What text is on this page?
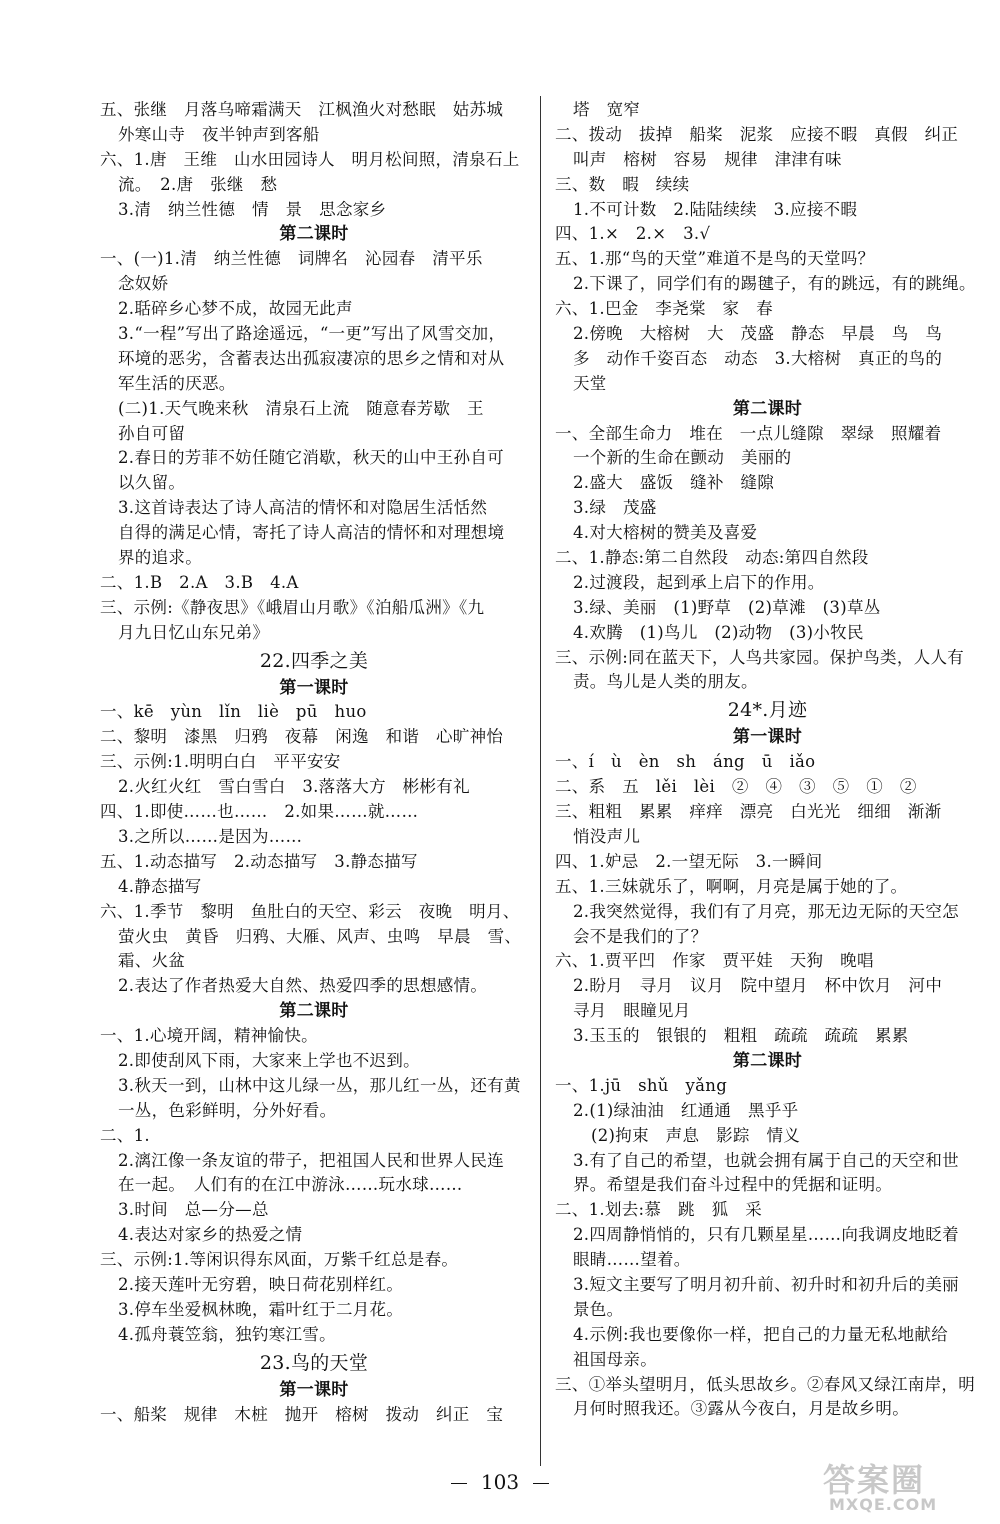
五、张继　月落乌啼霜满天　江枫渔火对愁眠　姑苏城
外寒山寺　夜半钟声到客船
六、1.唐　王维　山水田园诗人　明月松间照，清泉石上
流。　2.唐　张继　愁
3.清　纳兰性德　情　景　思念家乡
第二课时
一、(一)1.清　纳兰性德　词牌名　沁园春　清平乐
念奴娇
2.聒碎乡心梦不成，故园无此声
3.“一程”写出了路途遥远，“一更”写出了风雪交加，
环境的恶劣，含蓄表达出孤寂凄凉的思乡之情和对从
军生活的厌恶。
(二)1.天气晚来秋　清泉石上流　随意春芳歇　王
孙自可留
2.春日的芳菲不妨任随它消歇，秋天的山中王孙自可
以久留。
3.这首诗表达了诗人高洁的情怀和对隐居生活恬然
自得的满足心情，寄托了诗人高洁的情怀和对理想境
界的追求。
二、1.B　2.A　3.B　4.A
三、示例:《静夜思》《峨眉山月歌》《泊船瓜洲》《九
月九日忆山东兄弟》
22.四季之美
第一课时
一、kē　yùn　lǐn　liè　pū　huo
二、黎明　漆黑　归鸦　夜幕　闲逸　和谐　心旷神怡
三、示例:1.明明白白　平平安安
2.火红火红　雪白雪白　3.落落大方　彬彬有礼
四、1.即使……也……　2.如果……就……
3.之所以……是因为……
五、1.动态描写　2.动态描写　3.静态描写
4.静态描写
六、1.季节　黎明　鱼肚白的天空、彩云　夜晚　明月、
萤火虫　黄昏　归鸦、大雁、风声、虫鸣　早晨　雪、
霜、火盆
2.表达了作者热爱大自然、热爱四季的思想感情。
第二课时
一、1.心境开阔，精神愉快。
2.即使刮风下雨，大家来上学也不迟到。
3.秋天一到，山林中这儿绿一丛，那儿红一丛，还有黄
一丛，色彩鲜明，分外好看。
二、1.
2.漓江像一条友谊的带子，把祖国人民和世界人民连
在一起。　人们有的在江中游泳……玩水球……
3.时间　总—分—总
4.表达对家乡的热爱之情
三、示例:1.等闲识得东风面，万紫千红总是春。
2.接天莲叶无穷碧，映日荷花别样红。
3.停车坐爱枫林晚，霜叶红于二月花。
4.孤舟蓑笠翁，独钓寒江雪。
23.鸟的天堂
第一课时
一、船桨　规律　木桩　抛开　榕树　拨动　纠正　宝
塔　宽窄
二、拨动　拔掉　船桨　泥浆　应接不暇　真假　纠正
叫声　榕树　容易　规律　津津有味
三、数　暇　续续
1.不可计数　2.陆陆续续　3.应接不暇
四、1.×　2.×　3.√
五、1.那“鸟的天堂”难道不是鸟的天堂吗？
2.下课了，同学们有的踢毽子，有的跳远，有的跳绳。
六、1.巴金　李尧棠　家　春
2.傍晚　大榕树　大　茂盛　静态　早晨　鸟　鸟
多　动作千姿百态　动态　3.大榕树　真正的鸟的
天堂
第二课时
一、全部生命力　堆在　一点儿缝隙　翠绿　照耀着
一个新的生命在颤动　美丽的
2.盛大　盛饭　缝补　缝隙
3.绿　茂盛
4.对大榕树的赞美及喜爱
二、1.静态:第二自然段　动态:第四自然段
2.过渡段，起到承上启下的作用。
3.绿、美丽　(1)野草　(2)草滩　(3)草丛
4.欢腾　(1)鸟儿　(2)动物　(3)小牧民
三、示例:同在蓝天下，人鸟共家园。保护鸟类，人人有
责。鸟儿是人类的朋友。
24*.月迹
第一课时
一、í　ù　èn　sh　áng　ū　iǎo
二、系　五　lěi　lèi　②　④　③　⑤　①　②
三、粗粗　累累　痒痒　漂亮　白光光　细细　渐渐
悄没声儿
四、1.妒忌　2.一望无际　3.一瞬间
五、1.三妹就乐了，啊啊，月亮是属于她的了。
2.我突然觉得，我们有了月亮，那无边无际的天空怎
会不是我们的了？
六、1.贾平凹　作家　贾平娃　天狗　晚唱
2.盼月　寻月　议月　院中望月　杯中饮月　河中
寻月　眼瞳见月
3.玉玉的　银银的　粗粗　疏疏　疏疏　累累
第二课时
一、1.jū　shǔ　yǎng
2.(1)绿油油　红通通　黑乎乎
(2)拘束　声息　影踪　情义
3.有了自己的希望，也就会拥有属于自己的天空和世
界。希望是我们奋斗过程中的凭据和证明。
二、1.划去:慕　跳　狐　采
2.四周静悄悄的，只有几颗星星……向我调皮地眨着
眼睛……望着。
3.短文主要写了明月初升前、初升时和初升后的美丽
景色。
4.示例:我也要像你一样，把自己的力量无私地献给
祖国母亲。
三、①举头望明月，低头思故乡。②春风又绿江南岸，明
月何时照我还。③露从今夜白，月是故乡明。
103	答案圈
MXQE.COM
